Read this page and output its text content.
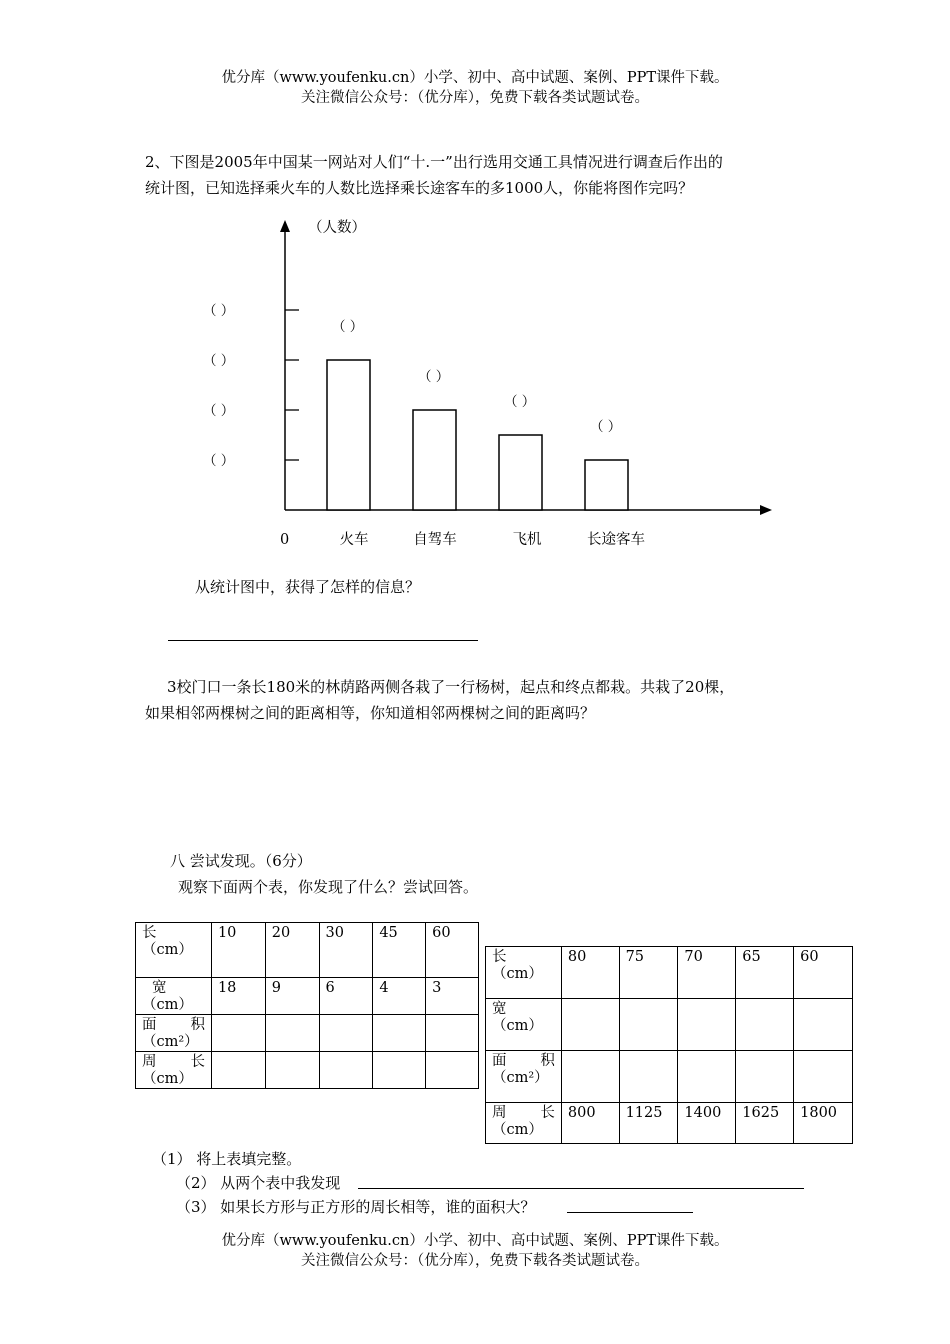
优分库（www.youfenku.cn）小学、初中、高中试题、案例、PPT课件下载。
关注微信公众号：（优分库），免费下载各类试题试卷。
2、下图是2005年中国某一网站对人们“十.一”出行选用交通工具情况进行调查后作出的
统计图，已知选择乘火车的人数比选择乘长途客车的多1000人，你能将图作完吗？
（人数）
0
（ ）
（ ）
（ ）
（ ）
（ ）
（ ）
（ ）
（ ）
火车	自驾车	飞机	长途客车
从统计图中，获得了怎样的信息？
3校门口一条长180米的林荫路两侧各栽了一行杨树，起点和终点都栽。共栽了20棵，
如果相邻两棵树之间的距离相等，你知道相邻两棵树之间的距离吗？
八 尝试发现。（6分）
观察下面两个表，你发现了什么？尝试回答。
长
（cm）	10	20	30	45	60

宽
（cm）	18	9	6	4	3

面 积
（cm²）					

周 长
（cm）					

长
（cm）	80	75	70	65	60

宽
（cm）					

面 积
（cm²）					

周 长
（cm）	800	1125	1400	1625	1800
（1） 将上表填完整。
（2） 从两个表中我发现
（3） 如果长方形与正方形的周长相等，谁的面积大？
优分库（www.youfenku.cn）小学、初中、高中试题、案例、PPT课件下载。
关注微信公众号：（优分库），免费下载各类试题试卷。
